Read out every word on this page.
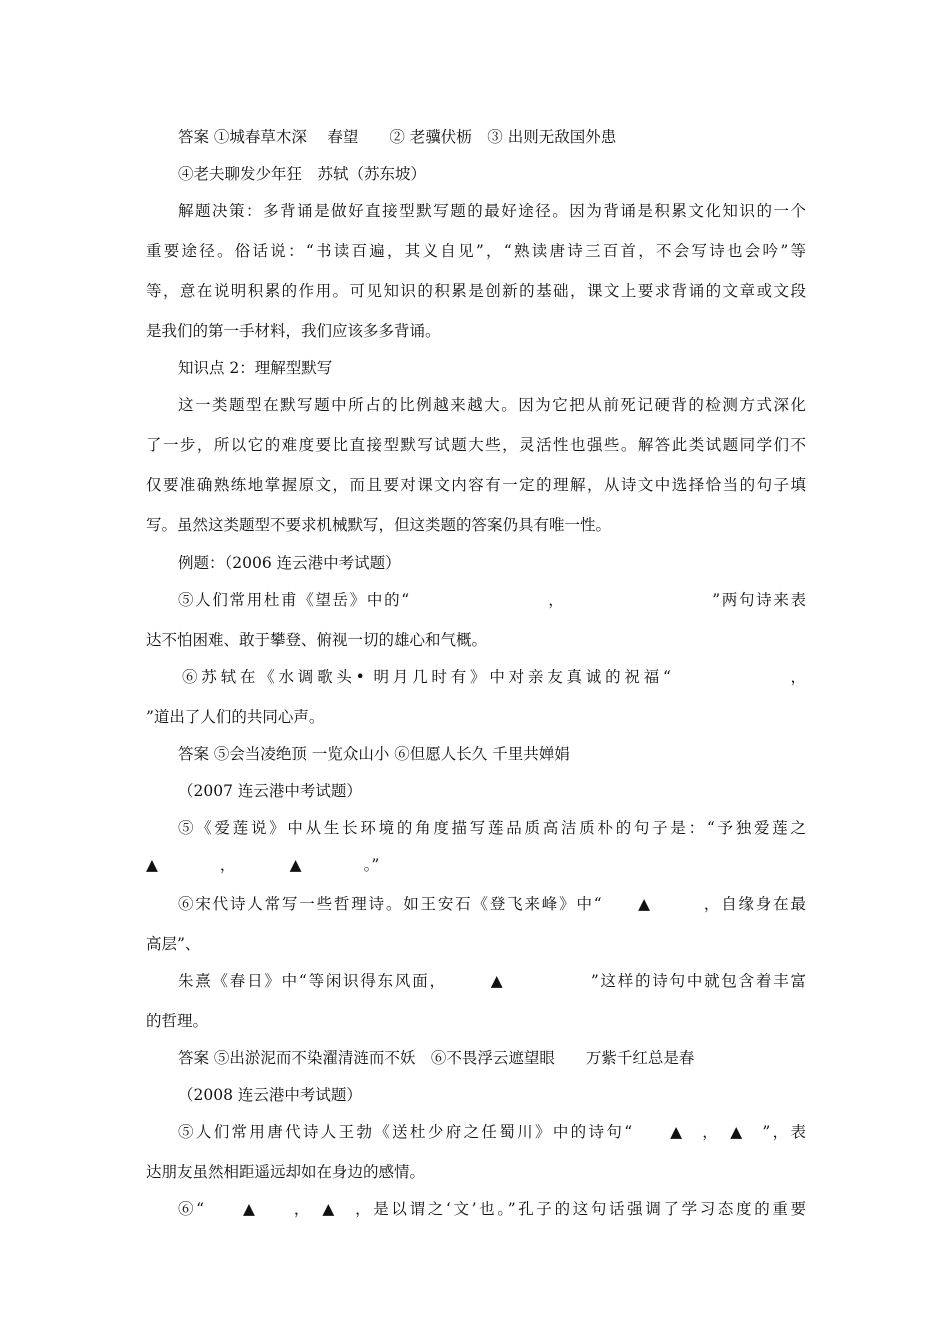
答案 ①城春草木深　 春望　　② 老骥伏枥　③ 出则无敌国外患
④老夫聊发少年狂　苏轼（苏东坡）
解题决策：多背诵是做好直接型默写题的最好途径。因为背诵是积累文化知识的一个
重要途径。俗话说：“书读百遍，其义自见”，“熟读唐诗三百首，不会写诗也会吟”等
等，意在说明积累的作用。可见知识的积累是创新的基础，课文上要求背诵的文章或文段
是我们的第一手材料，我们应该多多背诵。
知识点 2：理解型默写
这一类题型在默写题中所占的比例越来越大。因为它把从前死记硬背的检测方式深化
了一步，所以它的难度要比直接型默写试题大些，灵活性也强些。解答此类试题同学们不
仅要准确熟练地掌握原文，而且要对课文内容有一定的理解，从诗文中选择恰当的句子填
写。虽然这类题型不要求机械默写，但这类题的答案仍具有唯一性。
例题：（2006 连云港中考试题）
⑤人们常用杜甫《望岳》中的“　　　　　　　　，　　　　　　　　　”两句诗来表
达不怕困难、敢于攀登、俯视一切的雄心和气概。
⑥苏轼在《水调歌头• 明月几时有》中对亲友真诚的祝福“　　　　　　，
”道出了人们的共同心声。
答案 ⑤会当凌绝顶 一览众山小 ⑥但愿人长久 千里共婵娟
（2007 连云港中考试题）
⑤《爱莲说》中从生长环境的角度描写莲品质高洁质朴的句子是：“予独爱莲之
▲　　　　，　　　　▲　　　　。”
⑥宋代诗人常写一些哲理诗。如王安石《登飞来峰》中“　　▲　　　，自缘身在最
高层”、
朱熹《春日》中“等闲识得东风面，　　　▲　　　　　”这样的诗句中就包含着丰富
的哲理。
答案 ⑤出淤泥而不染濯清涟而不妖　⑥不畏浮云遮望眼　　万紫千红总是春
（2008 连云港中考试题）
⑤人们常用唐代诗人王勃《送杜少府之任蜀川》中的诗句“　　▲　，　▲　”，表
达朋友虽然相距遥远却如在身边的感情。
⑥“　　▲　　，　▲　，是以谓之‘文’也。”孔子的这句话强调了学习态度的重要
